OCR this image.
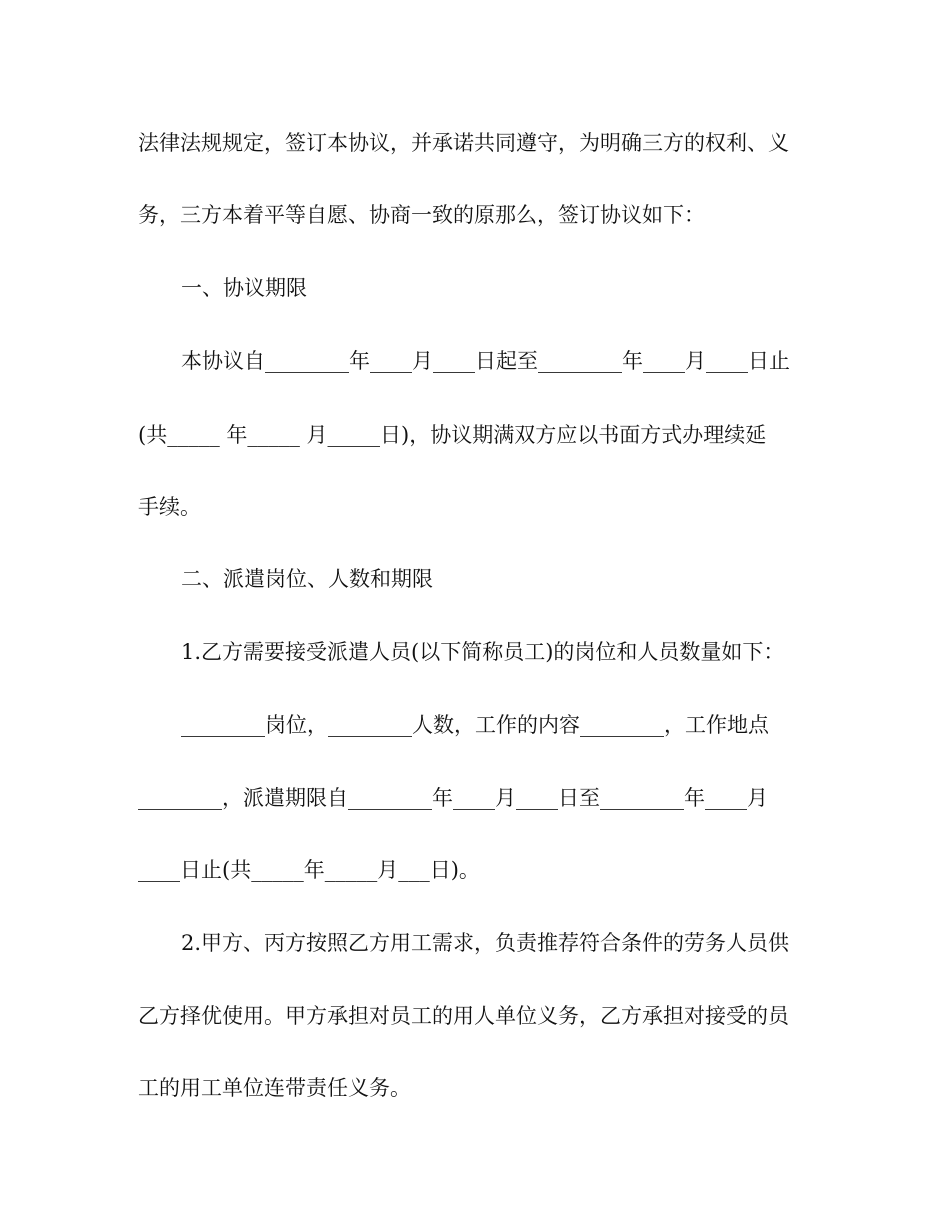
法律法规规定，签订本协议，并承诺共同遵守，为明确三方的权利、义
务，三方本着平等自愿、协商一致的原那么，签订协议如下：
一、协议期限
本协议自________年____月____日起至________年____月____日止
(共_____ 年_____ 月_____日)，协议期满双方应以书面方式办理续延
手续。
二、派遣岗位、人数和期限
1.乙方需要接受派遣人员(以下简称员工)的岗位和人员数量如下：
________岗位，________人数，工作的内容________，工作地点
________，派遣期限自________年____月____日至________年____月
____日止(共_____年_____月___日)。
2.甲方、丙方按照乙方用工需求，负责推荐符合条件的劳务人员供
乙方择优使用。甲方承担对员工的用人单位义务，乙方承担对接受的员
工的用工单位连带责任义务。
